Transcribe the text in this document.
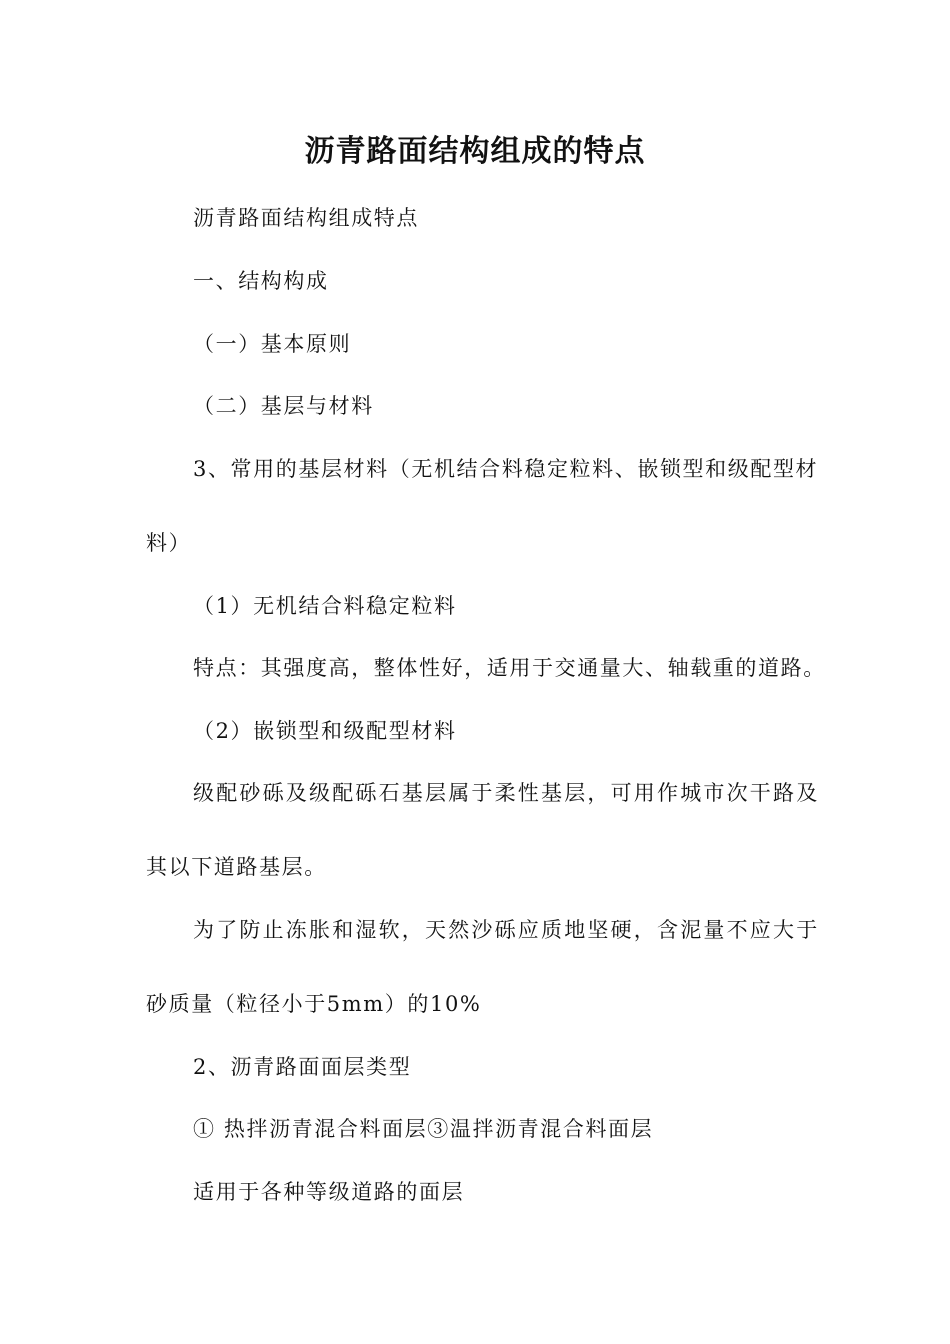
沥青路面结构组成的特点

沥青路面结构组成特点

一、结构构成

（一）基本原则

（二）基层与材料

3、常用的基层材料（无机结合料稳定粒料、嵌锁型和级配型材

料）

（1）无机结合料稳定粒料

特点：其强度高，整体性好，适用于交通量大、轴载重的道路。

（2）嵌锁型和级配型材料

级配砂砾及级配砾石基层属于柔性基层，可用作城市次干路及

其以下道路基层。

为了防止冻胀和湿软，天然沙砾应质地坚硬，含泥量不应大于

砂质量（粒径小于5mm）的10%

2、沥青路面面层类型

① 热拌沥青混合料面层③温拌沥青混合料面层

适用于各种等级道路的面层
